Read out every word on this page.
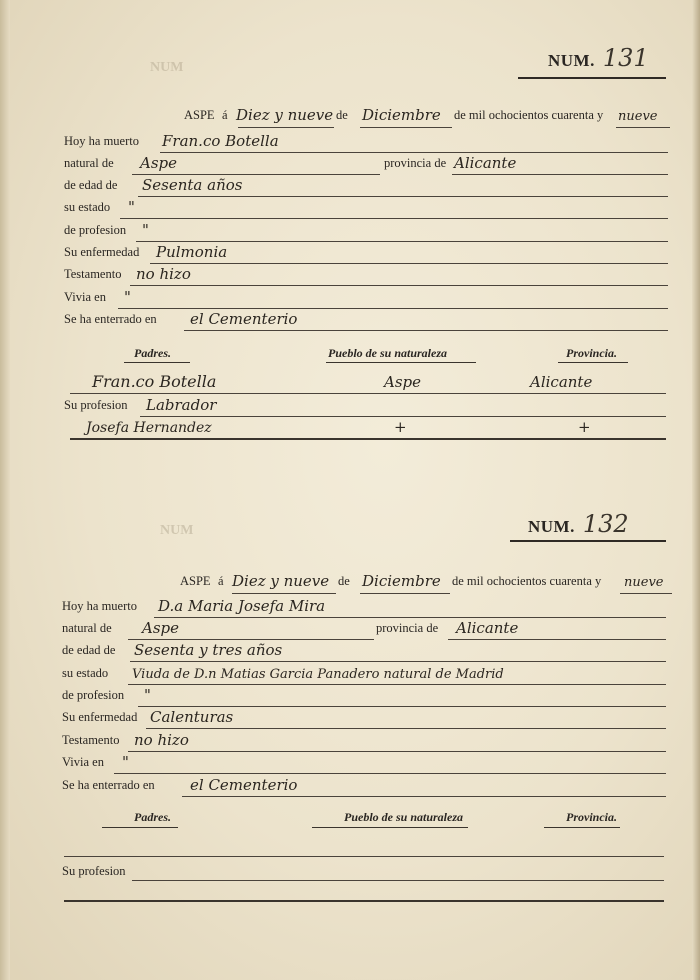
NUM
NUM
NUM. 131
ASPE á Diez y nueve de Diciembre de mil ochocientos cuarenta y nueve
Hoy ha muerto Fran.co Botella
natural de Aspe	provincia de Alicante
de edad de Sesenta años
su estado "
de profesion "
Su enfermedad Pulmonia
Testamento no hizo
Vivia en "
Se ha enterrado en el Cementerio
Padres.	Pueblo de su naturaleza	Provincia.
Fran.co Botella	Aspe	Alicante
Su profesion Labrador
Josefa Hernandez	+	+
NUM. 132
ASPE á Diez y nueve de Diciembre de mil ochocientos cuarenta y nueve
Hoy ha muerto D.a Maria Josefa Mira
natural de Aspe	provincia de Alicante
de edad de Sesenta y tres años
su estado Viuda de D.n Matias Garcia Panadero natural de Madrid
de profesion "
Su enfermedad Calenturas
Testamento no hizo
Vivia en "
Se ha enterrado en el Cementerio
Padres.	Pueblo de su naturaleza	Provincia.
Su profesion
